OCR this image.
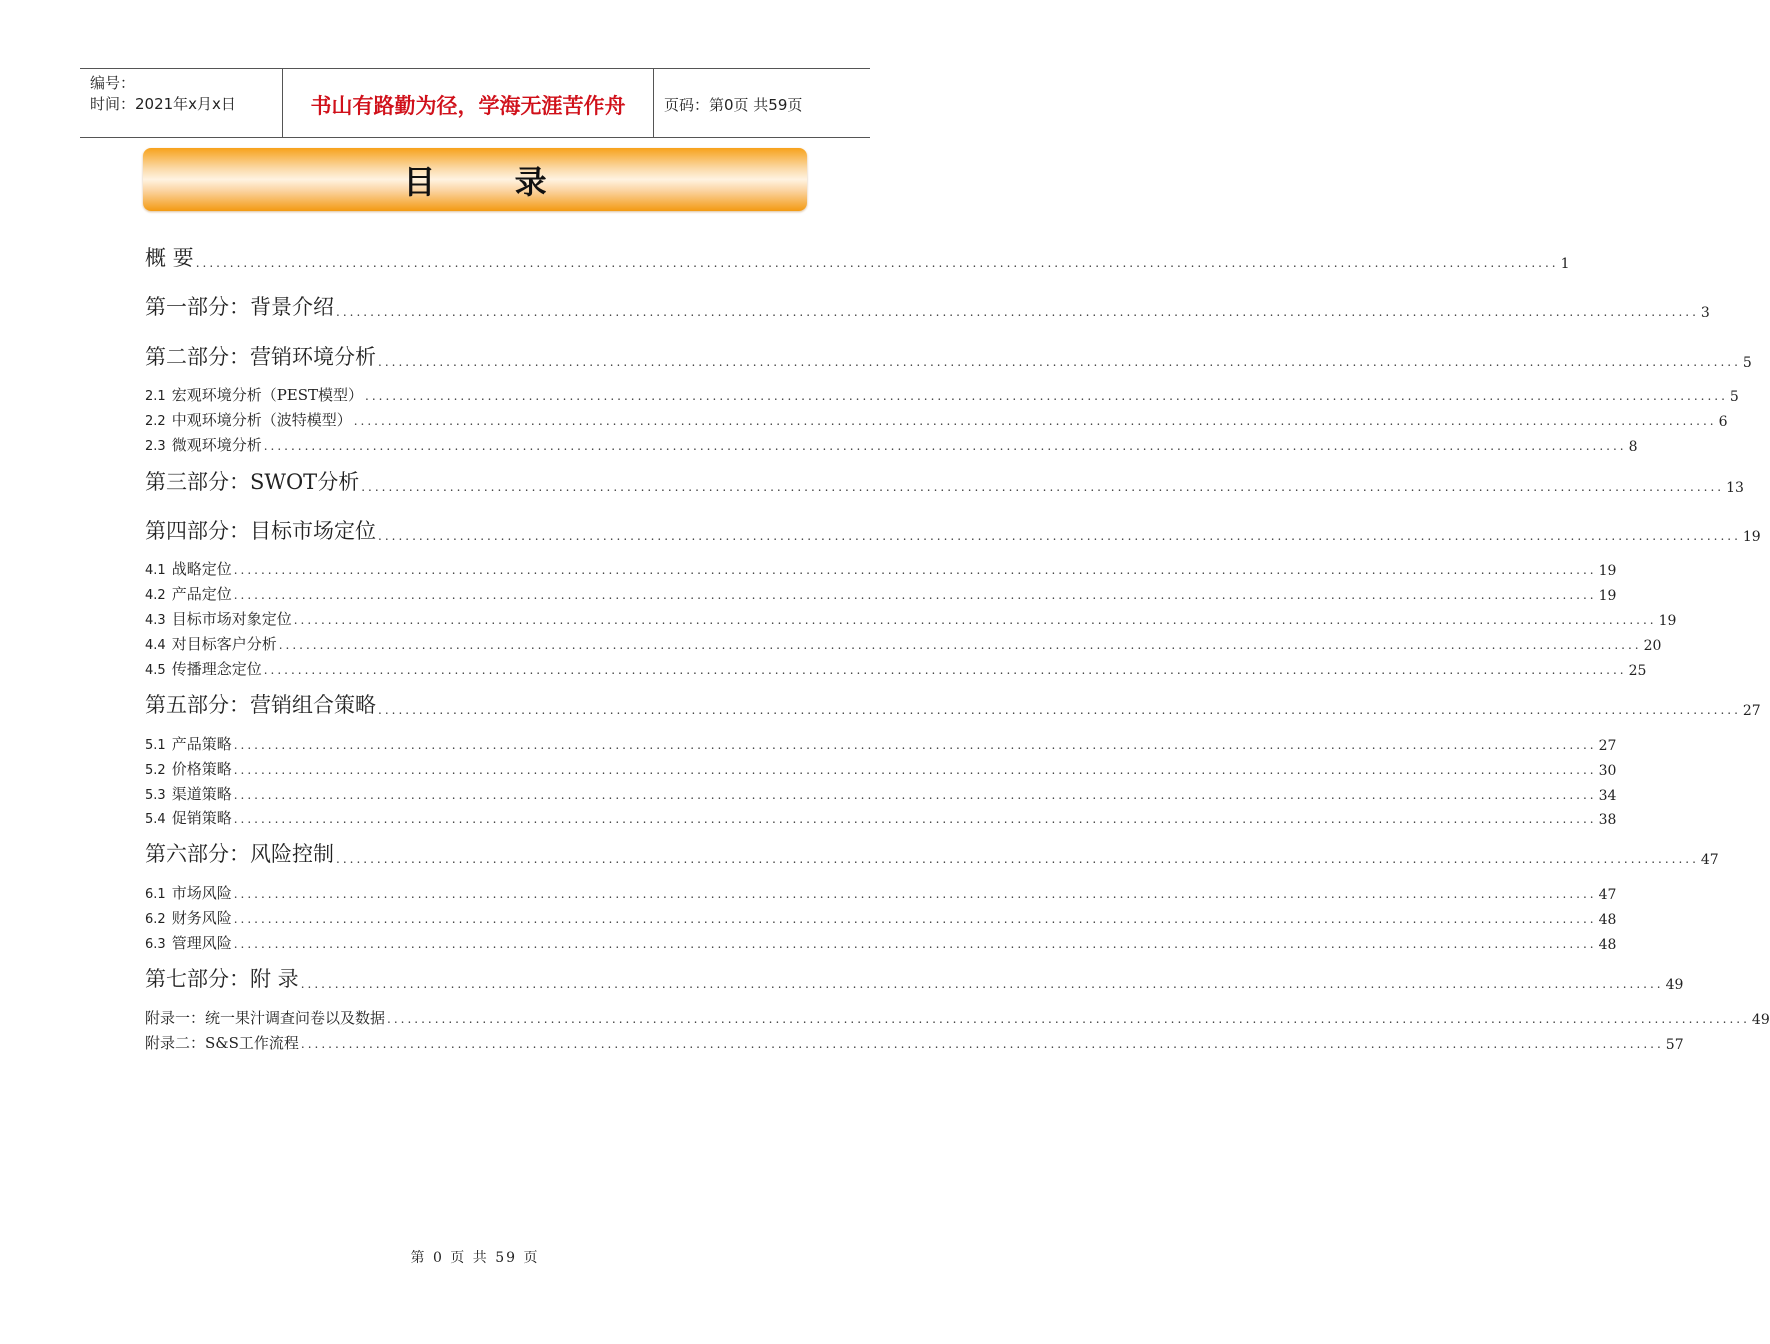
编号：
时间：2021年x月x日	书山有路勤为径，学海无涯苦作舟	页码：第0页 共59页
目 录
概 要 ........................................................................................................................................................................................................ 1
第一部分：背景介绍 ........................................................................................................................................................................................................ 3
第二部分：营销环境分析 ........................................................................................................................................................................................................ 5
2.1 宏观环境分析（PEST模型） ........................................................................................................................................................................................................ 5
2.2 中观环境分析（波特模型） ........................................................................................................................................................................................................ 6
2.3 微观环境分析 ........................................................................................................................................................................................................ 8
第三部分：SWOT分析 ........................................................................................................................................................................................................ 13
第四部分：目标市场定位 ........................................................................................................................................................................................................ 19
4.1 战略定位 ........................................................................................................................................................................................................ 19
4.2 产品定位 ........................................................................................................................................................................................................ 19
4.3 目标市场对象定位 ........................................................................................................................................................................................................ 19
4.4 对目标客户分析 ........................................................................................................................................................................................................ 20
4.5 传播理念定位 ........................................................................................................................................................................................................ 25
第五部分：营销组合策略 ........................................................................................................................................................................................................ 27
5.1 产品策略 ........................................................................................................................................................................................................ 27
5.2 价格策略 ........................................................................................................................................................................................................ 30
5.3 渠道策略 ........................................................................................................................................................................................................ 34
5.4 促销策略 ........................................................................................................................................................................................................ 38
第六部分：风险控制 ........................................................................................................................................................................................................ 47
6.1 市场风险 ........................................................................................................................................................................................................ 47
6.2 财务风险 ........................................................................................................................................................................................................ 48
6.3 管理风险 ........................................................................................................................................................................................................ 48
第七部分：附 录 ........................................................................................................................................................................................................ 49
附录一：统一果汁调查问卷以及数据 ........................................................................................................................................................................................................ 49
附录二：S&S工作流程 ........................................................................................................................................................................................................ 57
第 0 页 共 59 页
